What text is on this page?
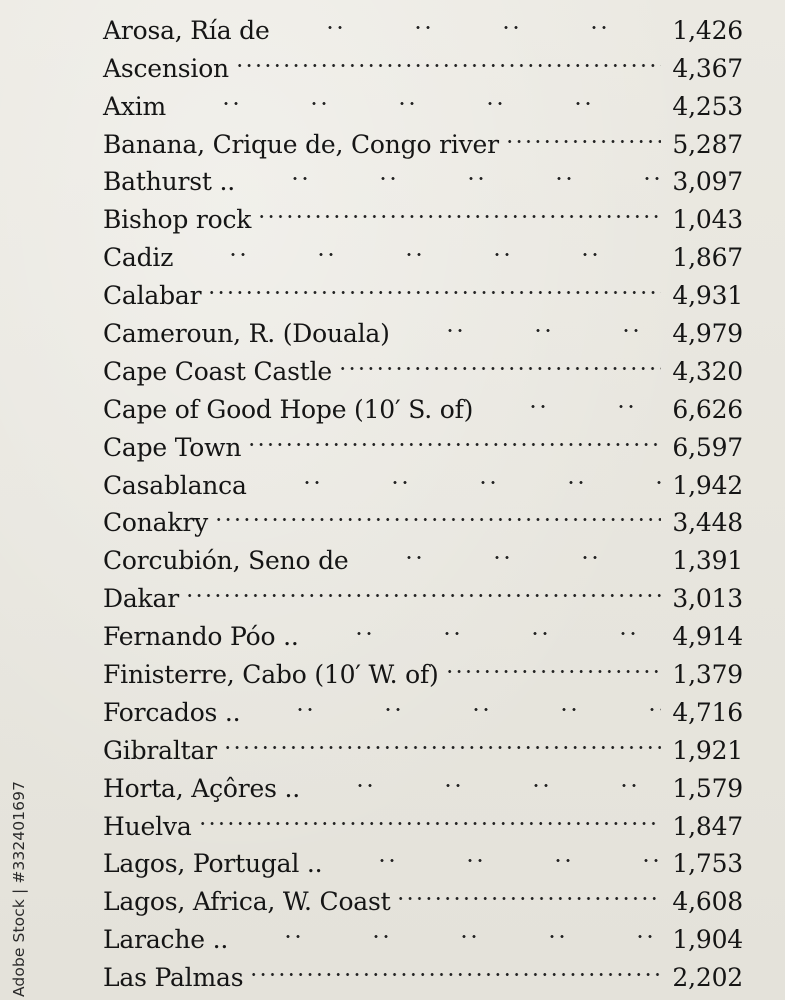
Arosa, Ría de	1,426
Ascension	4,367
Axim	4,253
Banana, Crique de, Congo river	5,287
Bathurst ..	3,097
Bishop rock	1,043
Cadiz	1,867
Calabar	4,931
Cameroun, R. (Douala)	4,979
Cape Coast Castle	4,320
Cape of Good Hope (10′ S. of)	6,626
Cape Town	6,597
Casablanca	1,942
Conakry	3,448
Corcubión, Seno de	1,391
Dakar	3,013
Fernando Póo ..	4,914
Finisterre, Cabo (10′ W. of)	1,379
Forcados ..	4,716
Gibraltar	1,921
Horta, Açôres ..	1,579
Huelva	1,847
Lagos, Portugal ..	1,753
Lagos, Africa, W. Coast	4,608
Larache ..	1,904
Las Palmas	2,202
Adobe Stock | #332401697
